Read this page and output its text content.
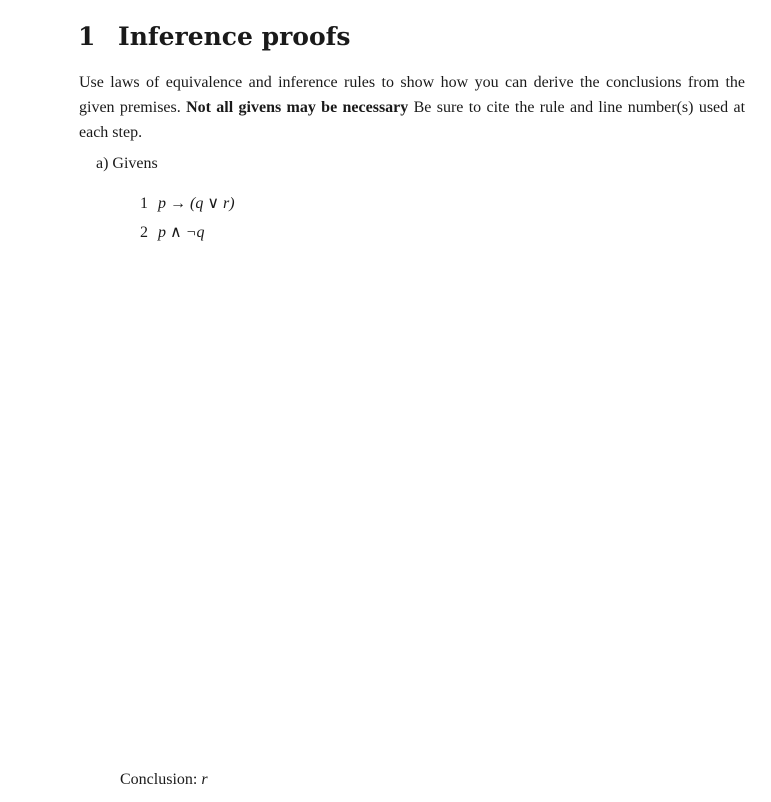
1 Inference proofs

Use laws of equivalence and inference rules to show how you can derive the conclusions from the given premises. Not all givens may be necessary Be sure to cite the rule and line number(s) used at each step.

a) Givens
1 p → (q ∨ r)
2 p ∧ ¬q
Conclusion: r
